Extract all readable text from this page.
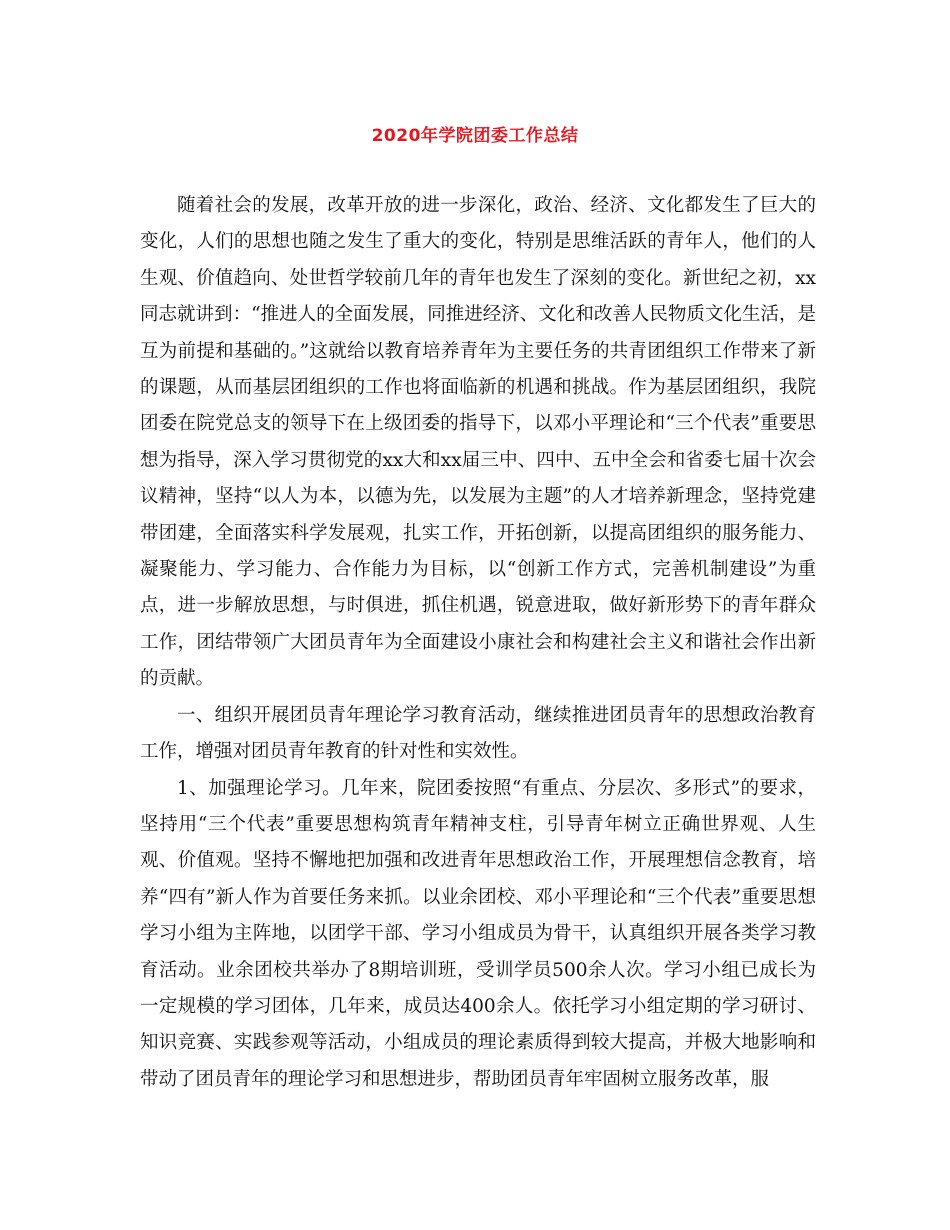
2020年学院团委工作总结

随着社会的发展，改革开放的进一步深化，政治、经济、文化都发生了巨大的变化，人们的思想也随之发生了重大的变化，特别是思维活跃的青年人，他们的人生观、价值趋向、处世哲学较前几年的青年也发生了深刻的变化。新世纪之初，xx同志就讲到：“推进人的全面发展，同推进经济、文化和改善人民物质文化生活，是互为前提和基础的。”这就给以教育培养青年为主要任务的共青团组织工作带来了新的课题，从而基层团组织的工作也将面临新的机遇和挑战。作为基层团组织，我院团委在院党总支的领导下在上级团委的指导下，以邓小平理论和“三个代表”重要思想为指导，深入学习贯彻党的xx大和xx届三中、四中、五中全会和省委七届十次会议精神，坚持“以人为本，以德为先，以发展为主题”的人才培养新理念，坚持党建带团建，全面落实科学发展观，扎实工作，开拓创新，以提高团组织的服务能力、凝聚能力、学习能力、合作能力为目标，以“创新工作方式，完善机制建设”为重点，进一步解放思想，与时俱进，抓住机遇，锐意进取，做好新形势下的青年群众工作，团结带领广大团员青年为全面建设小康社会和构建社会主义和谐社会作出新的贡献。

一、组织开展团员青年理论学习教育活动，继续推进团员青年的思想政治教育工作，增强对团员青年教育的针对性和实效性。

1、加强理论学习。几年来，院团委按照“有重点、分层次、多形式”的要求，坚持用“三个代表”重要思想构筑青年精神支柱，引导青年树立正确世界观、人生观、价值观。坚持不懈地把加强和改进青年思想政治工作，开展理想信念教育，培养“四有”新人作为首要任务来抓。以业余团校、邓小平理论和“三个代表”重要思想学习小组为主阵地，以团学干部、学习小组成员为骨干，认真组织开展各类学习教育活动。业余团校共举办了8期培训班，受训学员500余人次。学习小组已成长为一定规模的学习团体，几年来，成员达400余人。依托学习小组定期的学习研讨、知识竞赛、实践参观等活动，小组成员的理论素质得到较大提高，并极大地影响和带动了团员青年的理论学习和思想进步，帮助团员青年牢固树立服务改革，服
